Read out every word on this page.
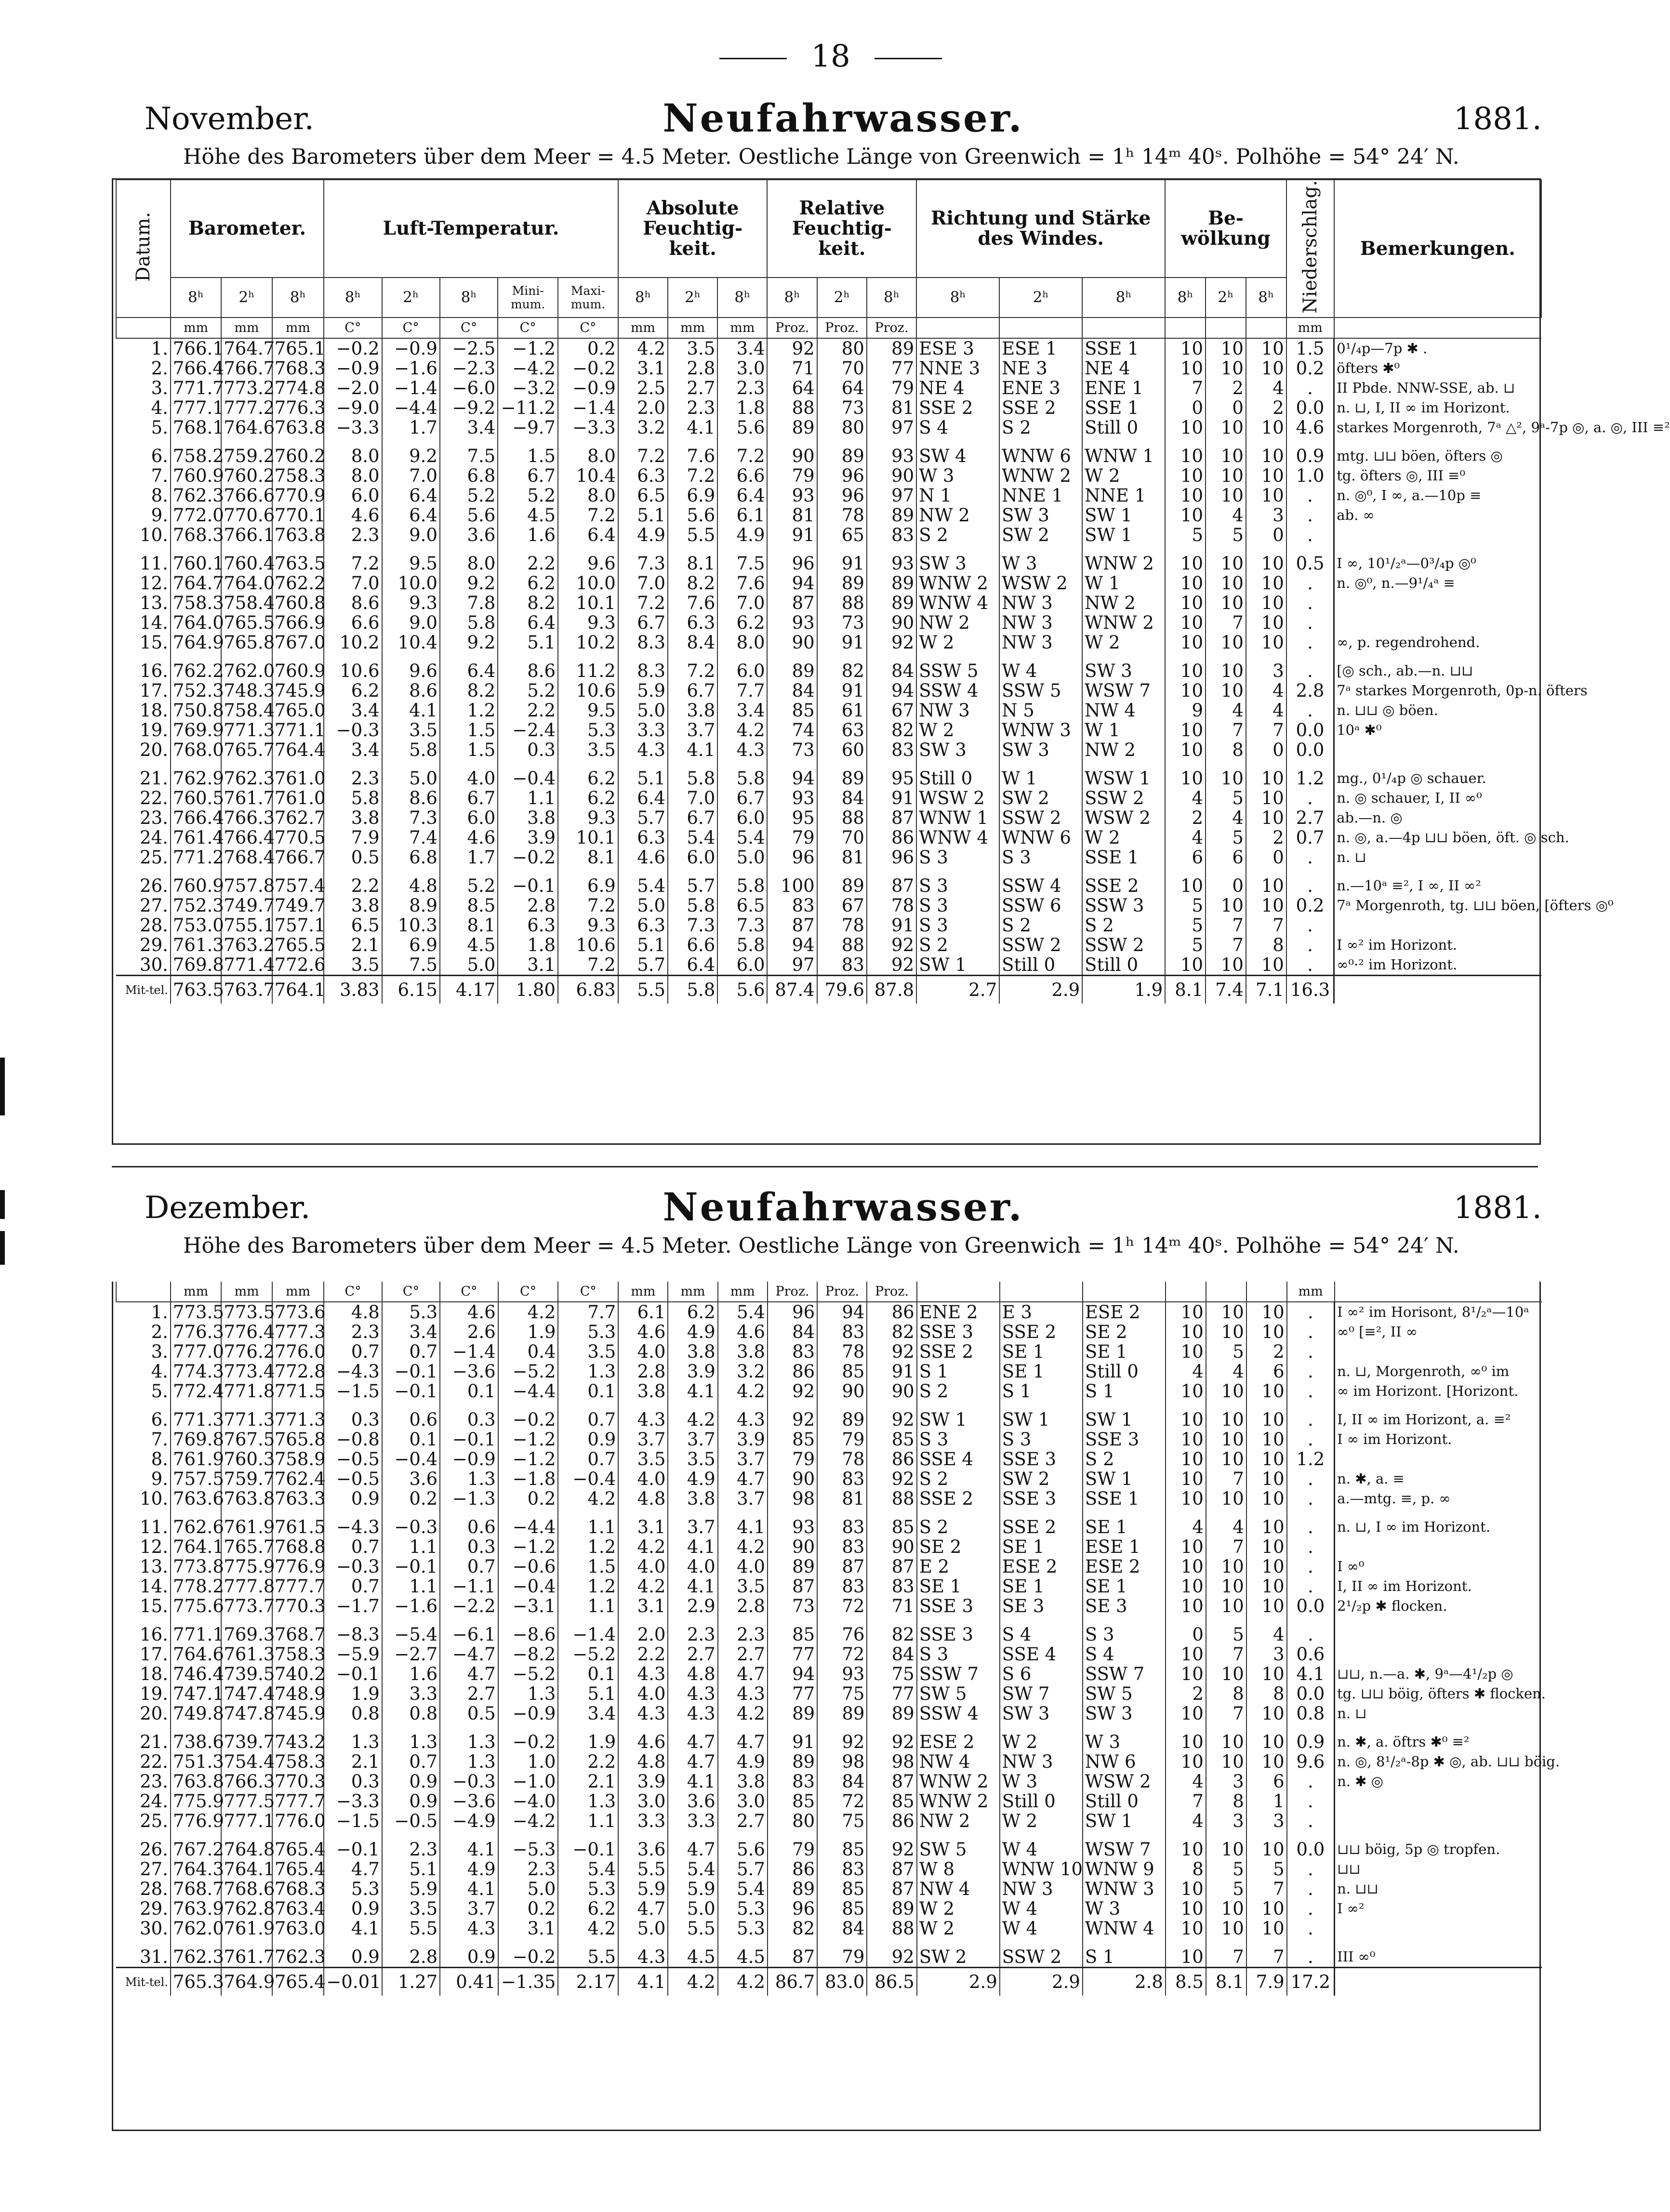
18
November.	Neufahrwasser.	1881.
Höhe des Barometers über dem Meer = 4.5 Meter. Oestliche Länge von Greenwich = 1ʰ 14ᵐ 40ˢ. Polhöhe = 54° 24′ N.
Datum.	Barometer.			Luft-Temperatur.					Absolute Feuchtig-keit.			Relative Feuchtig-keit.			Richtung und Stärke des Windes.			Be-wölkung			Niederschlag.	Bemerkungen.
	8ʰ	2ʰ	8ʰ	8ʰ	2ʰ	8ʰ	Mini-mum.	Maxi-mum.	8ʰ	2ʰ	8ʰ	8ʰ	2ʰ	8ʰ	8ʰ	2ʰ	8ʰ	8ʰ	2ʰ	8ʰ		
	mm	mm	mm	C°	C°	C°	C°	C°	mm	mm	mm	Proz.	Proz.	Proz.							mm	
1.	766.1	764.7	765.1	−0.2	−0.9	−2.5	−1.2	0.2	4.2	3.5	3.4	92	80	89	ESE 3	ESE 1	SSE 1	10	10	10	1.5	0¹/₄p—7p ✱ .
2.	766.4	766.7	768.3	−0.9	−1.6	−2.3	−4.2	−0.2	3.1	2.8	3.0	71	70	77	NNE 3	NE 3	NE 4	10	10	10	0.2	öfters ✱⁰
3.	771.7	773.2	774.8	−2.0	−1.4	−6.0	−3.2	−0.9	2.5	2.7	2.3	64	64	79	NE 4	ENE 3	ENE 1	7	2	4	.	II Pbde. NNW-SSE, ab. ⊔
4.	777.1	777.2	776.3	−9.0	−4.4	−9.2	−11.2	−1.4	2.0	2.3	1.8	88	73	81	SSE 2	SSE 2	SSE 1	0	0	2	0.0	n. ⊔, I, II ∞ im Horizont.
5.	768.1	764.6	763.8	−3.3	1.7	3.4	−9.7	−3.3	3.2	4.1	5.6	89	80	97	S 4	S 2	Still 0	10	10	10	4.6	starkes Morgenroth, 7ᵃ △², 9ᵃ-7p ◎, a. ◎, III ≡²
6.	758.2	759.2	760.2	8.0	9.2	7.5	1.5	8.0	7.2	7.6	7.2	90	89	93	SW 4	WNW 6	WNW 1	10	10	10	0.9	mtg. ⊔⊔ böen, öfters ◎
7.	760.9	760.2	758.3	8.0	7.0	6.8	6.7	10.4	6.3	7.2	6.6	79	96	90	W 3	WNW 2	W 2	10	10	10	1.0	tg. öfters ◎, III ≡⁰
8.	762.3	766.6	770.9	6.0	6.4	5.2	5.2	8.0	6.5	6.9	6.4	93	96	97	N 1	NNE 1	NNE 1	10	10	10	.	n. ◎⁰, I ∞, a.—10p ≡
9.	772.0	770.6	770.1	4.6	6.4	5.6	4.5	7.2	5.1	5.6	6.1	81	78	89	NW 2	SW 3	SW 1	10	4	3	.	ab. ∞
10.	768.3	766.1	763.8	2.3	9.0	3.6	1.6	6.4	4.9	5.5	4.9	91	65	83	S 2	SW 2	SW 1	5	5	0	.	
11.	760.1	760.4	763.5	7.2	9.5	8.0	2.2	9.6	7.3	8.1	7.5	96	91	93	SW 3	W 3	WNW 2	10	10	10	0.5	I ∞, 10¹/₂ᵃ—0³/₄p ◎⁰
12.	764.7	764.0	762.2	7.0	10.0	9.2	6.2	10.0	7.0	8.2	7.6	94	89	89	WNW 2	WSW 2	W 1	10	10	10	.	n. ◎⁰, n.—9¹/₄ᵃ ≡
13.	758.3	758.4	760.8	8.6	9.3	7.8	8.2	10.1	7.2	7.6	7.0	87	88	89	WNW 4	NW 3	NW 2	10	10	10	.	
14.	764.0	765.5	766.9	6.6	9.0	5.8	6.4	9.3	6.7	6.3	6.2	93	73	90	NW 2	NW 3	WNW 2	10	7	10	.	
15.	764.9	765.8	767.0	10.2	10.4	9.2	5.1	10.2	8.3	8.4	8.0	90	91	92	W 2	NW 3	W 2	10	10	10	.	∞, p. regendrohend.
16.	762.2	762.0	760.9	10.6	9.6	6.4	8.6	11.2	8.3	7.2	6.0	89	82	84	SSW 5	W 4	SW 3	10	10	3	.	[◎ sch., ab.—n. ⊔⊔
17.	752.3	748.3	745.9	6.2	8.6	8.2	5.2	10.6	5.9	6.7	7.7	84	91	94	SSW 4	SSW 5	WSW 7	10	10	4	2.8	7ᵃ starkes Morgenroth, 0p-n. öfters
18.	750.8	758.4	765.0	3.4	4.1	1.2	2.2	9.5	5.0	3.8	3.4	85	61	67	NW 3	N 5	NW 4	9	4	4	.	n. ⊔⊔ ◎ böen.
19.	769.9	771.3	771.1	−0.3	3.5	1.5	−2.4	5.3	3.3	3.7	4.2	74	63	82	W 2	WNW 3	W 1	10	7	7	0.0	10ᵃ ✱⁰
20.	768.0	765.7	764.4	3.4	5.8	1.5	0.3	3.5	4.3	4.1	4.3	73	60	83	SW 3	SW 3	NW 2	10	8	0	0.0	
21.	762.9	762.3	761.0	2.3	5.0	4.0	−0.4	6.2	5.1	5.8	5.8	94	89	95	Still 0	W 1	WSW 1	10	10	10	1.2	mg., 0¹/₄p ◎ schauer.
22.	760.5	761.7	761.0	5.8	8.6	6.7	1.1	6.2	6.4	7.0	6.7	93	84	91	WSW 2	SW 2	SSW 2	4	5	10	.	n. ◎ schauer, I, II ∞⁰
23.	766.4	766.3	762.7	3.8	7.3	6.0	3.8	9.3	5.7	6.7	6.0	95	88	87	WNW 1	SSW 2	WSW 2	2	4	10	2.7	ab.—n. ◎
24.	761.4	766.4	770.5	7.9	7.4	4.6	3.9	10.1	6.3	5.4	5.4	79	70	86	WNW 4	WNW 6	W 2	4	5	2	0.7	n. ◎, a.—4p ⊔⊔ böen, öft. ◎ sch.
25.	771.2	768.4	766.7	0.5	6.8	1.7	−0.2	8.1	4.6	6.0	5.0	96	81	96	S 3	S 3	SSE 1	6	6	0	.	n. ⊔
26.	760.9	757.8	757.4	2.2	4.8	5.2	−0.1	6.9	5.4	5.7	5.8	100	89	87	S 3	SSW 4	SSE 2	10	0	10	.	n.—10ᵃ ≡², I ∞, II ∞²
27.	752.3	749.7	749.7	3.8	8.9	8.5	2.8	7.2	5.0	5.8	6.5	83	67	78	S 3	SSW 6	SSW 3	5	10	10	0.2	7ᵃ Morgenroth, tg. ⊔⊔ böen, [öfters ◎⁰
28.	753.0	755.1	757.1	6.5	10.3	8.1	6.3	9.3	6.3	7.3	7.3	87	78	91	S 3	S 2	S 2	5	7	7	.	
29.	761.3	763.2	765.5	2.1	6.9	4.5	1.8	10.6	5.1	6.6	5.8	94	88	92	S 2	SSW 2	SSW 2	5	7	8	.	I ∞² im Horizont.
30.	769.8	771.4	772.6	3.5	7.5	5.0	3.1	7.2	5.7	6.4	6.0	97	83	92	SW 1	Still 0	Still 0	10	10	10	.	∞⁰·² im Horizont.
Mit-tel.	763.5	763.7	764.1	3.83	6.15	4.17	1.80	6.83	5.5	5.8	5.6	87.4	79.6	87.8	2.7	2.9	1.9	8.1	7.4	7.1	16.3	
Dezember.	Neufahrwasser.	1881.
Höhe des Barometers über dem Meer = 4.5 Meter. Oestliche Länge von Greenwich = 1ʰ 14ᵐ 40ˢ. Polhöhe = 54° 24′ N.
	mm	mm	mm	C°	C°	C°	C°	C°	mm	mm	mm	Proz.	Proz.	Proz.							mm	
1.	773.5	773.5	773.6	4.8	5.3	4.6	4.2	7.7	6.1	6.2	5.4	96	94	86	ENE 2	E 3	ESE 2	10	10	10	.	I ∞² im Horisont, 8¹/₂ᵃ—10ᵃ
2.	776.3	776.4	777.3	2.3	3.4	2.6	1.9	5.3	4.6	4.9	4.6	84	83	82	SSE 3	SSE 2	SE 2	10	10	10	.	∞⁰ [≡², II ∞
3.	777.0	776.2	776.0	0.7	0.7	−1.4	0.4	3.5	4.0	3.8	3.8	83	78	92	SSE 2	SE 1	SE 1	10	5	2	.	
4.	774.3	773.4	772.8	−4.3	−0.1	−3.6	−5.2	1.3	2.8	3.9	3.2	86	85	91	S 1	SE 1	Still 0	4	4	6	.	n. ⊔, Morgenroth, ∞⁰ im
5.	772.4	771.8	771.5	−1.5	−0.1	0.1	−4.4	0.1	3.8	4.1	4.2	92	90	90	S 2	S 1	S 1	10	10	10	.	∞ im Horizont. [Horizont.
6.	771.3	771.3	771.3	0.3	0.6	0.3	−0.2	0.7	4.3	4.2	4.3	92	89	92	SW 1	SW 1	SW 1	10	10	10	.	I, II ∞ im Horizont, a. ≡²
7.	769.8	767.5	765.8	−0.8	0.1	−0.1	−1.2	0.9	3.7	3.7	3.9	85	79	85	S 3	S 3	SSE 3	10	10	10	.	I ∞ im Horizont.
8.	761.9	760.3	758.9	−0.5	−0.4	−0.9	−1.2	0.7	3.5	3.5	3.7	79	78	86	SSE 4	SSE 3	S 2	10	10	10	1.2	
9.	757.5	759.7	762.4	−0.5	3.6	1.3	−1.8	−0.4	4.0	4.9	4.7	90	83	92	S 2	SW 2	SW 1	10	7	10	.	n. ✱, a. ≡
10.	763.6	763.8	763.3	0.9	0.2	−1.3	0.2	4.2	4.8	3.8	3.7	98	81	88	SSE 2	SSE 3	SSE 1	10	10	10	.	a.—mtg. ≡, p. ∞
11.	762.6	761.9	761.5	−4.3	−0.3	0.6	−4.4	1.1	3.1	3.7	4.1	93	83	85	S 2	SSE 2	SE 1	4	4	10	.	n. ⊔, I ∞ im Horizont.
12.	764.1	765.7	768.8	0.7	1.1	0.3	−1.2	1.2	4.2	4.1	4.2	90	83	90	SE 2	SE 1	ESE 1	10	7	10	.	
13.	773.8	775.9	776.9	−0.3	−0.1	0.7	−0.6	1.5	4.0	4.0	4.0	89	87	87	E 2	ESE 2	ESE 2	10	10	10	.	I ∞⁰
14.	778.2	777.8	777.7	0.7	1.1	−1.1	−0.4	1.2	4.2	4.1	3.5	87	83	83	SE 1	SE 1	SE 1	10	10	10	.	I, II ∞ im Horizont.
15.	775.6	773.7	770.3	−1.7	−1.6	−2.2	−3.1	1.1	3.1	2.9	2.8	73	72	71	SSE 3	SE 3	SE 3	10	10	10	0.0	2¹/₂p ✱ flocken.
16.	771.1	769.3	768.7	−8.3	−5.4	−6.1	−8.6	−1.4	2.0	2.3	2.3	85	76	82	SSE 3	S 4	S 3	0	5	4	.	
17.	764.6	761.3	758.3	−5.9	−2.7	−4.7	−8.2	−5.2	2.2	2.7	2.7	77	72	84	S 3	SSE 4	S 4	10	7	3	0.6	
18.	746.4	739.5	740.2	−0.1	1.6	4.7	−5.2	0.1	4.3	4.8	4.7	94	93	75	SSW 7	S 6	SSW 7	10	10	10	4.1	⊔⊔, n.—a. ✱, 9ᵃ—4¹/₂p ◎
19.	747.1	747.4	748.9	1.9	3.3	2.7	1.3	5.1	4.0	4.3	4.3	77	75	77	SW 5	SW 7	SW 5	2	8	8	0.0	tg. ⊔⊔ böig, öfters ✱ flocken.
20.	749.8	747.8	745.9	0.8	0.8	0.5	−0.9	3.4	4.3	4.3	4.2	89	89	89	SSW 4	SW 3	SW 3	10	7	10	0.8	n. ⊔
21.	738.6	739.7	743.2	1.3	1.3	1.3	−0.2	1.9	4.6	4.7	4.7	91	92	92	ESE 2	W 2	W 3	10	10	10	0.9	n. ✱, a. öftrs ✱⁰ ≡²
22.	751.3	754.4	758.3	2.1	0.7	1.3	1.0	2.2	4.8	4.7	4.9	89	98	98	NW 4	NW 3	NW 6	10	10	10	9.6	n. ◎, 8¹/₂ᵃ-8p ✱ ◎, ab. ⊔⊔ böig.
23.	763.8	766.3	770.3	0.3	0.9	−0.3	−1.0	2.1	3.9	4.1	3.8	83	84	87	WNW 2	W 3	WSW 2	4	3	6	.	n. ✱ ◎
24.	775.9	777.5	777.7	−3.3	0.9	−3.6	−4.0	1.3	3.0	3.6	3.0	85	72	85	WNW 2	Still 0	Still 0	7	8	1	.	
25.	776.9	777.1	776.0	−1.5	−0.5	−4.9	−4.2	1.1	3.3	3.3	2.7	80	75	86	NW 2	W 2	SW 1	4	3	3	.	
26.	767.2	764.8	765.4	−0.1	2.3	4.1	−5.3	−0.1	3.6	4.7	5.6	79	85	92	SW 5	W 4	WSW 7	10	10	10	0.0	⊔⊔ böig, 5p ◎ tropfen.
27.	764.3	764.1	765.4	4.7	5.1	4.9	2.3	5.4	5.5	5.4	5.7	86	83	87	W 8	WNW 10	WNW 9	8	5	5	.	⊔⊔
28.	768.7	768.6	768.3	5.3	5.9	4.1	5.0	5.3	5.9	5.9	5.4	89	85	87	NW 4	NW 3	WNW 3	10	5	7	.	n. ⊔⊔
29.	763.9	762.8	763.4	0.9	3.5	3.7	0.2	6.2	4.7	5.0	5.3	96	85	89	W 2	W 4	W 3	10	10	10	.	I ∞²
30.	762.0	761.9	763.0	4.1	5.5	4.3	3.1	4.2	5.0	5.5	5.3	82	84	88	W 2	W 4	WNW 4	10	10	10	.	
31.	762.3	761.7	762.3	0.9	2.8	0.9	−0.2	5.5	4.3	4.5	4.5	87	79	92	SW 2	SSW 2	S 1	10	7	7	.	III ∞⁰
Mit-tel.	765.3	764.9	765.4	−0.01	1.27	0.41	−1.35	2.17	4.1	4.2	4.2	86.7	83.0	86.5	2.9	2.9	2.8	8.5	8.1	7.9	17.2	
